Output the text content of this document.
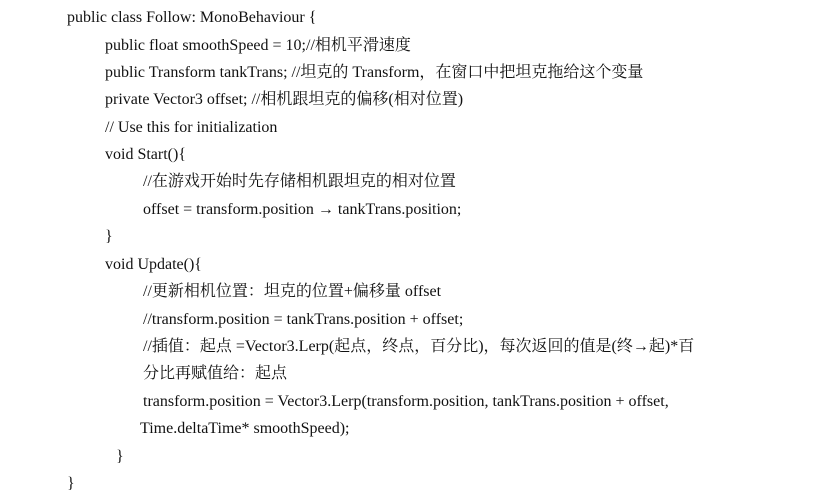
public class Follow: MonoBehaviour {
public float smoothSpeed = 10;//相机平滑速度
public Transform tankTrans; //坦克的 Transform，在窗口中把坦克拖给这个变量
private Vector3 offset; //相机跟坦克的偏移(相对位置)
// Use this for initialization
void Start(){
//在游戏开始时先存储相机跟坦克的相对位置
offset = transform.position → tankTrans.position;
}
void Update(){
//更新相机位置：坦克的位置+偏移量 offset
//transform.position = tankTrans.position + offset;
//插值：起点 =Vector3.Lerp(起点，终点，百分比)，每次返回的值是(终→起)*百
分比再赋值给：起点
transform.position = Vector3.Lerp(transform.position, tankTrans.position + offset,
Time.deltaTime* smoothSpeed);
}
}
